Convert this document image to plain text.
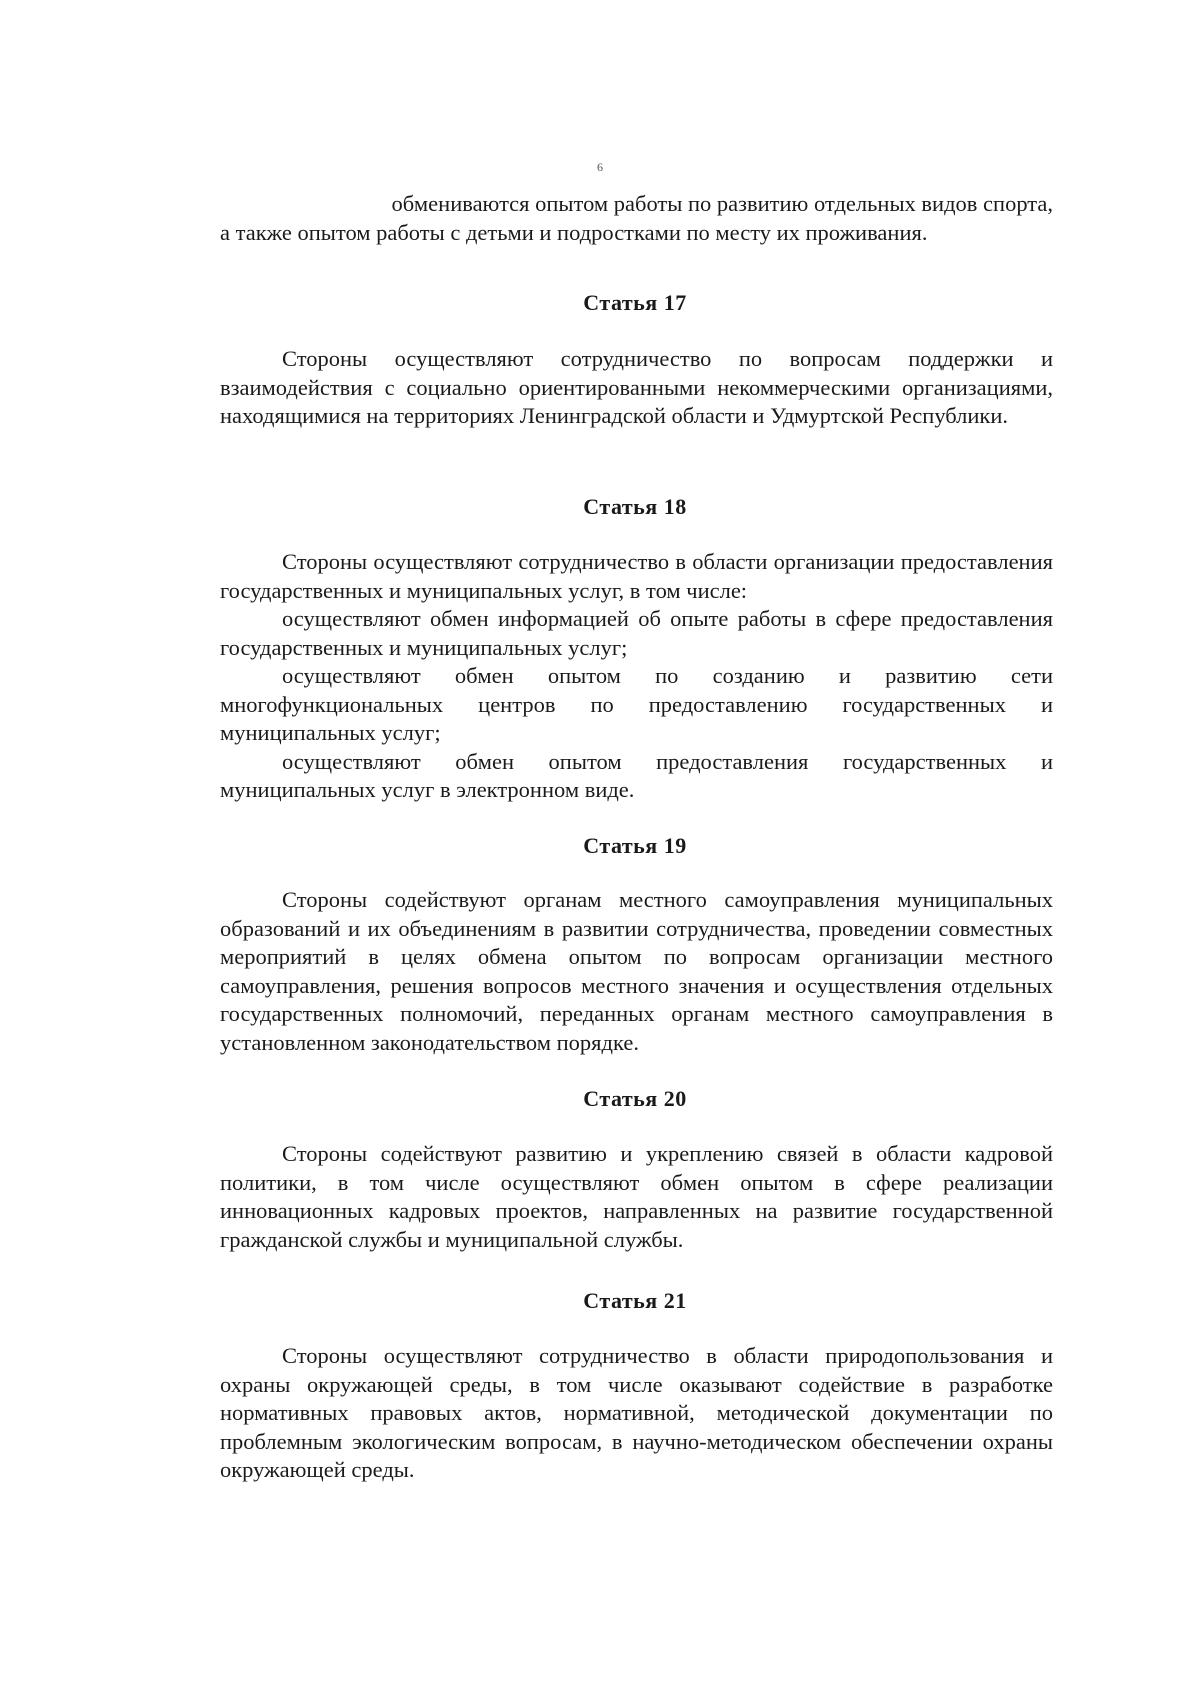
6

обмениваются опытом работы по развитию отдельных видов спорта,

а также опытом работы с детьми и подростками по месту их проживания.

Статья 17

Стороны осуществляют сотрудничество по вопросам поддержки и взаимодействия с социально ориентированными некоммерческими организациями, находящимися на территориях Ленинградской области и Удмуртской Республики.

Статья 18

Стороны осуществляют сотрудничество в области организации предоставления государственных и муниципальных услуг, в том числе:

осуществляют обмен информацией об опыте работы в сфере предоставления государственных и муниципальных услуг;

осуществляют обмен опытом по созданию и развитию сети многофункциональных центров по предоставлению государственных и муниципальных услуг;

осуществляют обмен опытом предоставления государственных и муниципальных услуг в электронном виде.

Статья 19

Стороны содействуют органам местного самоуправления муниципальных образований и их объединениям в развитии сотрудничества, проведении совместных мероприятий в целях обмена опытом по вопросам организации местного самоуправления, решения вопросов местного значения и осуществления отдельных государственных полномочий, переданных органам местного самоуправления в установленном законодательством порядке.

Статья 20

Стороны содействуют развитию и укреплению связей в области кадровой политики, в том числе осуществляют обмен опытом в сфере реализации инновационных кадровых проектов, направленных на развитие государственной гражданской службы и муниципальной службы.

Статья 21

Стороны осуществляют сотрудничество в области природопользования и охраны окружающей среды, в том числе оказывают содействие в разработке нормативных правовых актов, нормативной, методической документации по проблемным экологическим вопросам, в научно-методическом обеспечении охраны окружающей среды.
